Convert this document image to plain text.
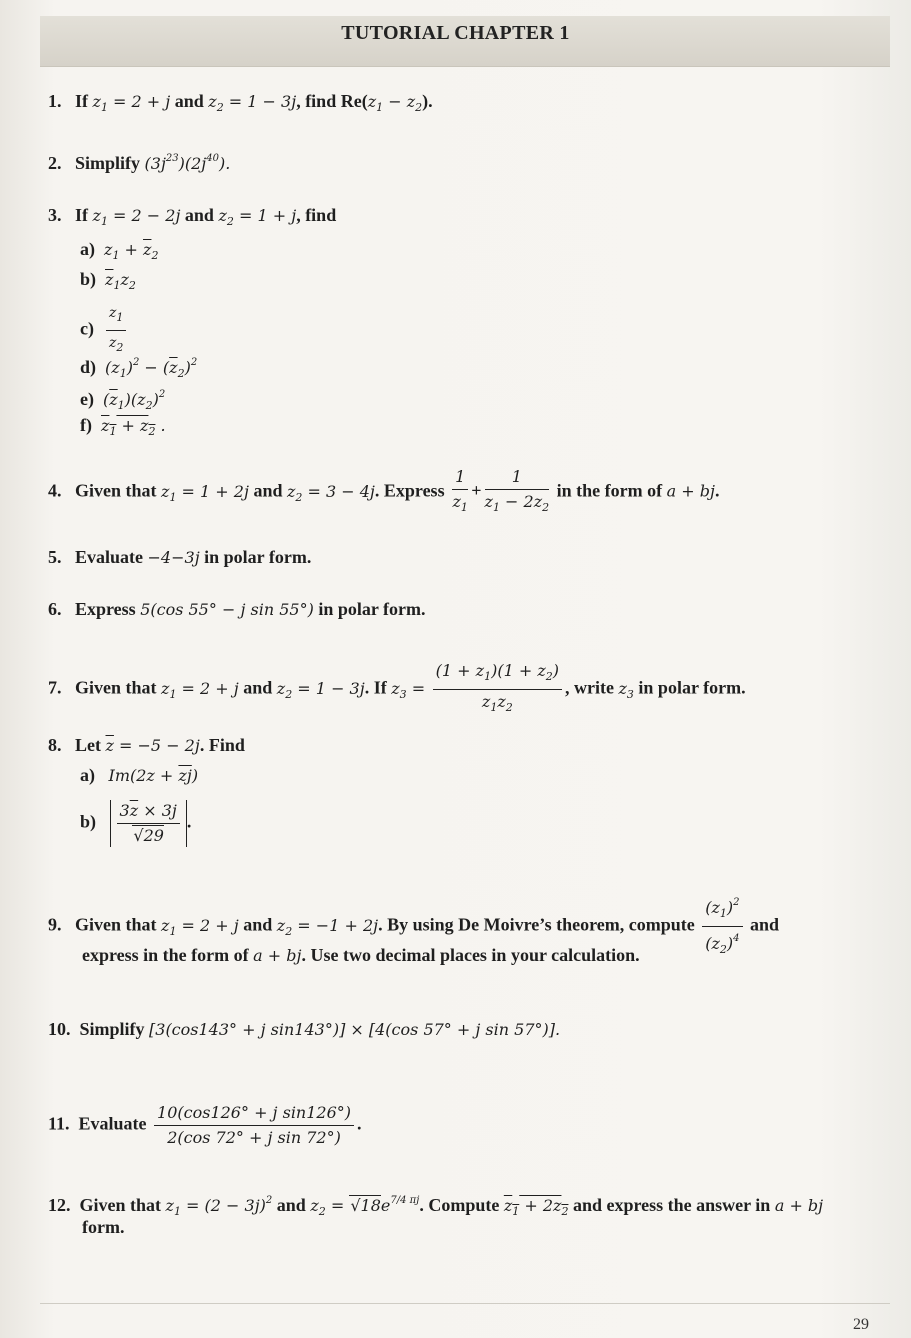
TUTORIAL CHAPTER 1
1. If $z_1 = 2 + j$ and $z_2 = 1 - 3j$, find $Re(z_1 - z_2)$.
2. Simplify $(3j^{23})(2j^{40})$.
3.   If $z_1 = 2 - 2j$ and $z_2 = 1 + j$, find
a) $z_1 + \overline{z}_2$
b) $\overline{z}_1z_2$
$c) \frac{z_1}{z_2}$
d) $(z_1)^2 - (\overline{z}_2)^2$
e) $(\overline{z}_1)(z_2)^2$
f) $z_1 + z_2$ .
4.   Given that $z_1 = 1 + 2j$ and $z_2 = 3 - 4j$. Express $\frac{1}{z_1} + \frac{1}{z_1 - 2z_2}$ in the form of a + bj.
5.   Evaluate −4−3j in polar form.
6.   Express 5(cos 55° − j sin 55°) in polar form.
7.   Given that $z_1 = 2 + j$ and $z_2 = 1 - 3j$. If $z_3 = \frac{(1 + z_1)(1 + z_2)}{z_1z_2}$ , write $z_3$ in polar form.
8.   Let $\overline{z} = -5 - 2j$. Find
a) $Im(2z + \overline{zj})$
$b) \frac{3\overline{z} \times 3j}{√29}$ .
9.   Given that $z_1 = 2 + j$ and $z_2 = -1 + 2j$. By using De Moivre’s theorem, compute $\frac{(z_1)^2}{(z_2)^4}$ and
express in the form of a + bj. Use two decimal places in your calculation.
10.  Simplify [3(cos143° + j sin143°)] × [4(cos 57° + j sin 57°)].
11.  Evaluate $\frac{\text{10(cos126° + j sin126°)}}{\text{2(cos 72° + j sin 72°)}}$ .
12.  Given that $z_1 = (2 - 3j)^2$ and $z_2 = √18e^{7/4 \pi j}$. Compute $z_1 + 2z_2$ and express the answer in a + bj
form.
29
